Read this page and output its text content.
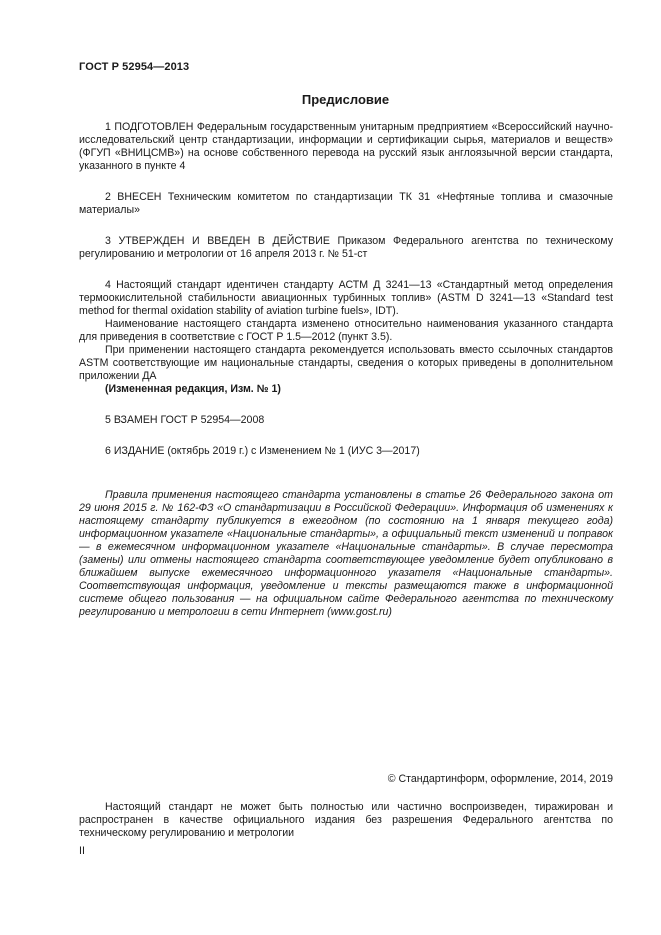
ГОСТ Р 52954—2013
Предисловие

1 ПОДГОТОВЛЕН Федеральным государственным унитарным предприятием «Всероссийский научно-исследовательский центр стандартизации, информации и сертификации сырья, материалов и веществ» (ФГУП «ВНИЦСМВ») на основе собственного перевода на русский язык англоязычной версии стандарта, указанного в пункте 4

2 ВНЕСЕН Техническим комитетом по стандартизации ТК 31 «Нефтяные топлива и смазочные материалы»

3 УТВЕРЖДЕН И ВВЕДЕН В ДЕЙСТВИЕ Приказом Федерального агентства по техническому регулированию и метрологии от 16 апреля 2013 г. № 51-ст

4 Настоящий стандарт идентичен стандарту АСТМ Д 3241—13 «Стандартный метод определения термоокислительной стабильности авиационных турбинных топлив» (ASTM D 3241—13 «Standard test method for thermal oxidation stability of aviation turbine fuels», IDT).

Наименование настоящего стандарта изменено относительно наименования указанного стандарта для приведения в соответствие с ГОСТ Р 1.5—2012 (пункт 3.5).

При применении настоящего стандарта рекомендуется использовать вместо ссылочных стандартов ASTM соответствующие им национальные стандарты, сведения о которых приведены в дополнительном приложении ДА

(Измененная редакция, Изм. № 1)

5 ВЗАМЕН ГОСТ Р 52954—2008

6 ИЗДАНИЕ (октябрь 2019 г.) с Изменением № 1 (ИУС 3—2017)

Правила применения настоящего стандарта установлены в статье 26 Федерального закона от 29 июня 2015 г. № 162-ФЗ «О стандартизации в Российской Федерации». Информация об изменениях к настоящему стандарту публикуется в ежегодном (по состоянию на 1 января текущего года) информационном указателе «Национальные стандарты», а официальный текст изменений и поправок — в ежемесячном информационном указателе «Национальные стандарты». В случае пересмотра (замены) или отмены настоящего стандарта соответствующее уведомление будет опубликовано в ближайшем выпуске ежемесячного информационного указателя «Национальные стандарты». Соответствующая информация, уведомление и тексты размещаются также в информационной системе общего пользования — на официальном сайте Федерального агентства по техническому регулированию и метрологии в сети Интернет (www.gost.ru)

© Стандартинформ, оформление, 2014, 2019

Настоящий стандарт не может быть полностью или частично воспроизведен, тиражирован и распространен в качестве официального издания без разрешения Федерального агентства по техническому регулированию и метрологии

II
